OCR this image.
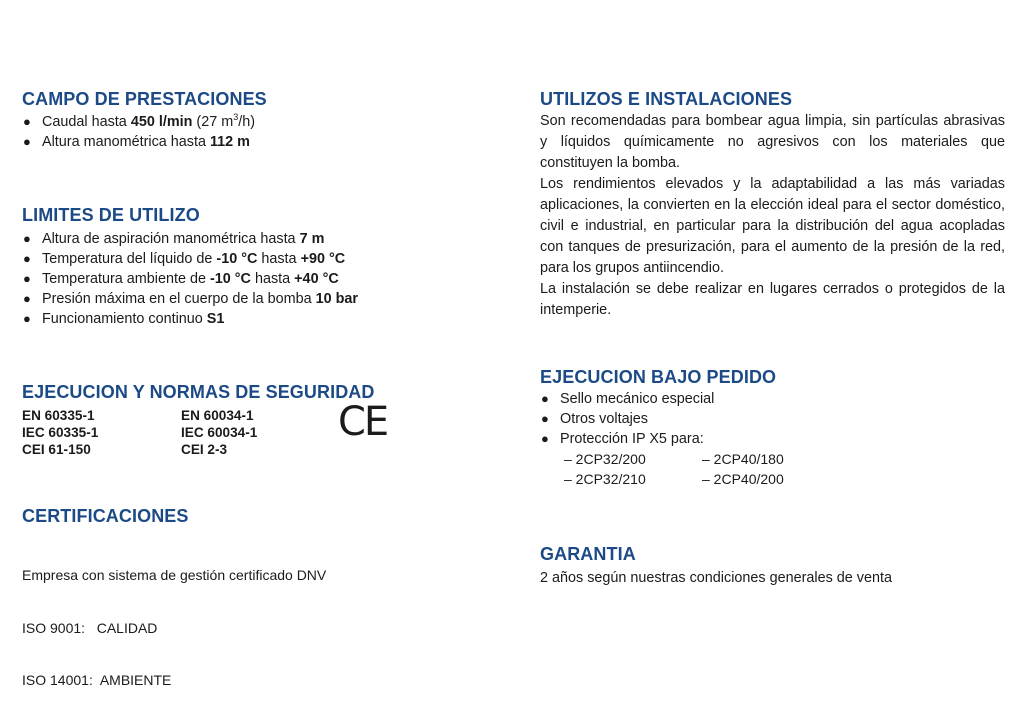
CAMPO DE PRESTACIONES
● Caudal hasta 450 l/min (27 $m^3/h$)
● Altura manométrica hasta 112 m
LIMITES DE UTILIZO
● Altura de aspiración manométrica hasta 7 m
● Temperatura del líquido de -10 °C hasta +90 °C
● Temperatura ambiente de -10 °C hasta +40 °C
● Presión máxima en el cuerpo de la bomba 10 bar
● Funcionamiento continuo S1
EJECUCION Y NORMAS DE SEGURIDAD
EN 60335-1
IEC 60335-1
CEI 61-150
EN 60034-1
IEC 60034-1
CEI 2-3
CE
CERTIFICACIONES

Empresa con sistema de gestión certificado DNV

ISO 9001:   CALIDAD

ISO 14001:  AMBIENTE

UTILIZOS E INSTALACIONES

Son recomendadas para bombear agua limpia, sin partículas abrasivas y líquidos químicamente no agresivos con los materiales que constituyen la bomba.

Los rendimientos elevados y la adaptabilidad a las más variadas aplicaciones, la convierten en la elección ideal para el sector doméstico, civil e industrial, en particular para la distribución del agua acopladas con tanques de presurización, para el aumento de la presión de la red, para los grupos antiincendio.

La instalación se debe realizar en lugares cerrados o protegidos de la intemperie.

EJECUCION BAJO PEDIDO
● Sello mecánico especial
● Otros voltajes
● Protección IP X5 para:
– 2CP32/200	– 2CP40/180
– 2CP32/210	– 2CP40/200
GARANTIA
2 años según nuestras condiciones generales de venta
